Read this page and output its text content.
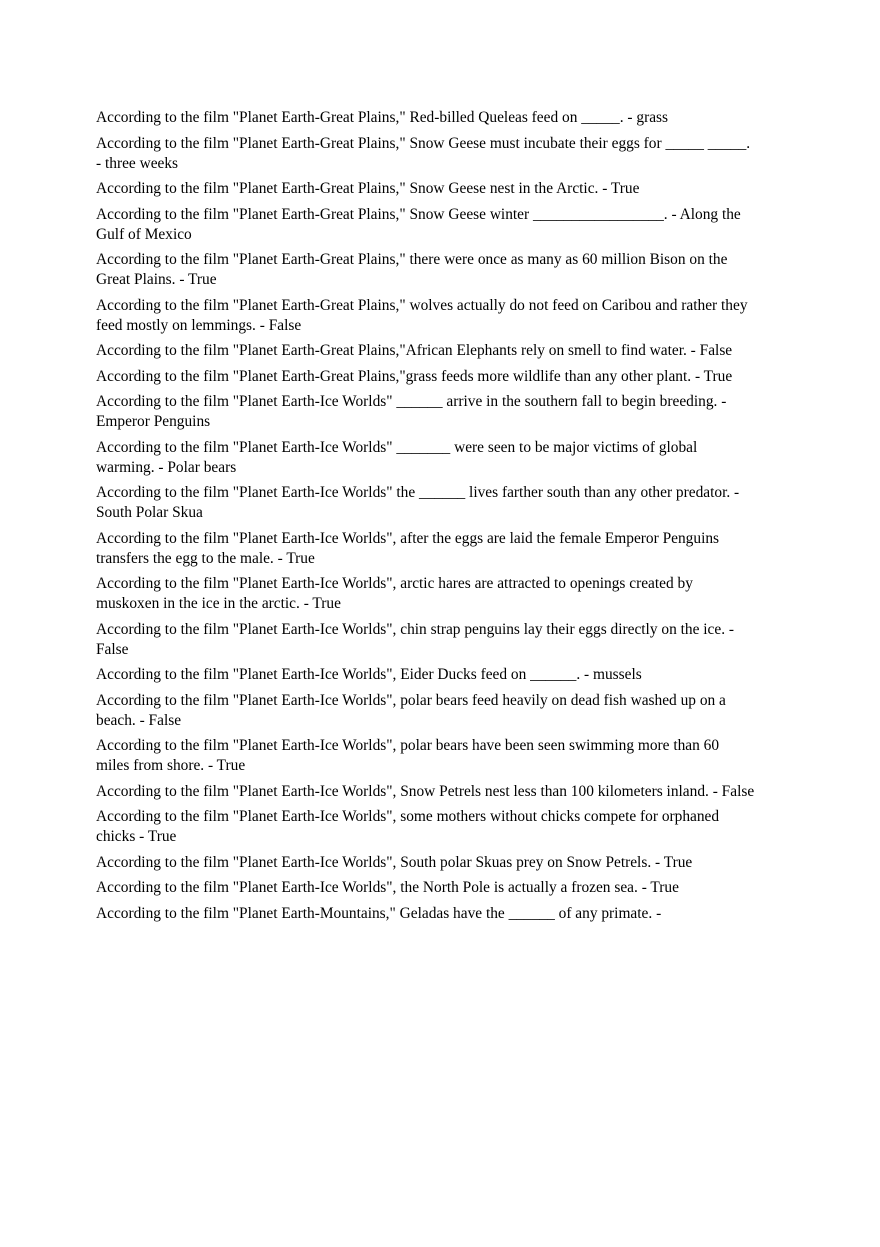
According to the film "Planet Earth-Great Plains," Red-billed Queleas feed on _____. - grass
According to the film "Planet Earth-Great Plains," Snow Geese must incubate their eggs for _____ _____. - three weeks
According to the film "Planet Earth-Great Plains," Snow Geese nest in the Arctic. - True
According to the film "Planet Earth-Great Plains," Snow Geese winter _________________. - Along the Gulf of Mexico
According to the film "Planet Earth-Great Plains," there were once as many as 60 million Bison on the Great Plains. - True
According to the film "Planet Earth-Great Plains," wolves actually do not feed on Caribou and rather they feed mostly on lemmings. - False
According to the film "Planet Earth-Great Plains,"African Elephants rely on smell to find water. - False
According to the film "Planet Earth-Great Plains,"grass feeds more wildlife than any other plant. - True
According to the film "Planet Earth-Ice Worlds" ______ arrive in the southern fall to begin breeding. - Emperor Penguins
According to the film "Planet Earth-Ice Worlds" _______ were seen to be major victims of global warming. - Polar bears
According to the film "Planet Earth-Ice Worlds" the ______ lives farther south than any other predator. - South Polar Skua
According to the film "Planet Earth-Ice Worlds", after the eggs are laid the female Emperor Penguins transfers the egg to the male. - True
According to the film "Planet Earth-Ice Worlds", arctic hares are attracted to openings created by muskoxen in the ice in the arctic. - True
According to the film "Planet Earth-Ice Worlds", chin strap penguins lay their eggs directly on the ice. - False
According to the film "Planet Earth-Ice Worlds", Eider Ducks feed on ______. - mussels
According to the film "Planet Earth-Ice Worlds", polar bears feed heavily on dead fish washed up on a beach. - False
According to the film "Planet Earth-Ice Worlds", polar bears have been seen swimming more than 60 miles from shore. - True
According to the film "Planet Earth-Ice Worlds", Snow Petrels nest less than 100 kilometers inland. - False
According to the film "Planet Earth-Ice Worlds", some mothers without chicks compete for orphaned chicks - True
According to the film "Planet Earth-Ice Worlds", South polar Skuas prey on Snow Petrels. - True
According to the film "Planet Earth-Ice Worlds", the North Pole is actually a frozen sea. - True
According to the film "Planet Earth-Mountains," Geladas have the ______ of any primate. -
